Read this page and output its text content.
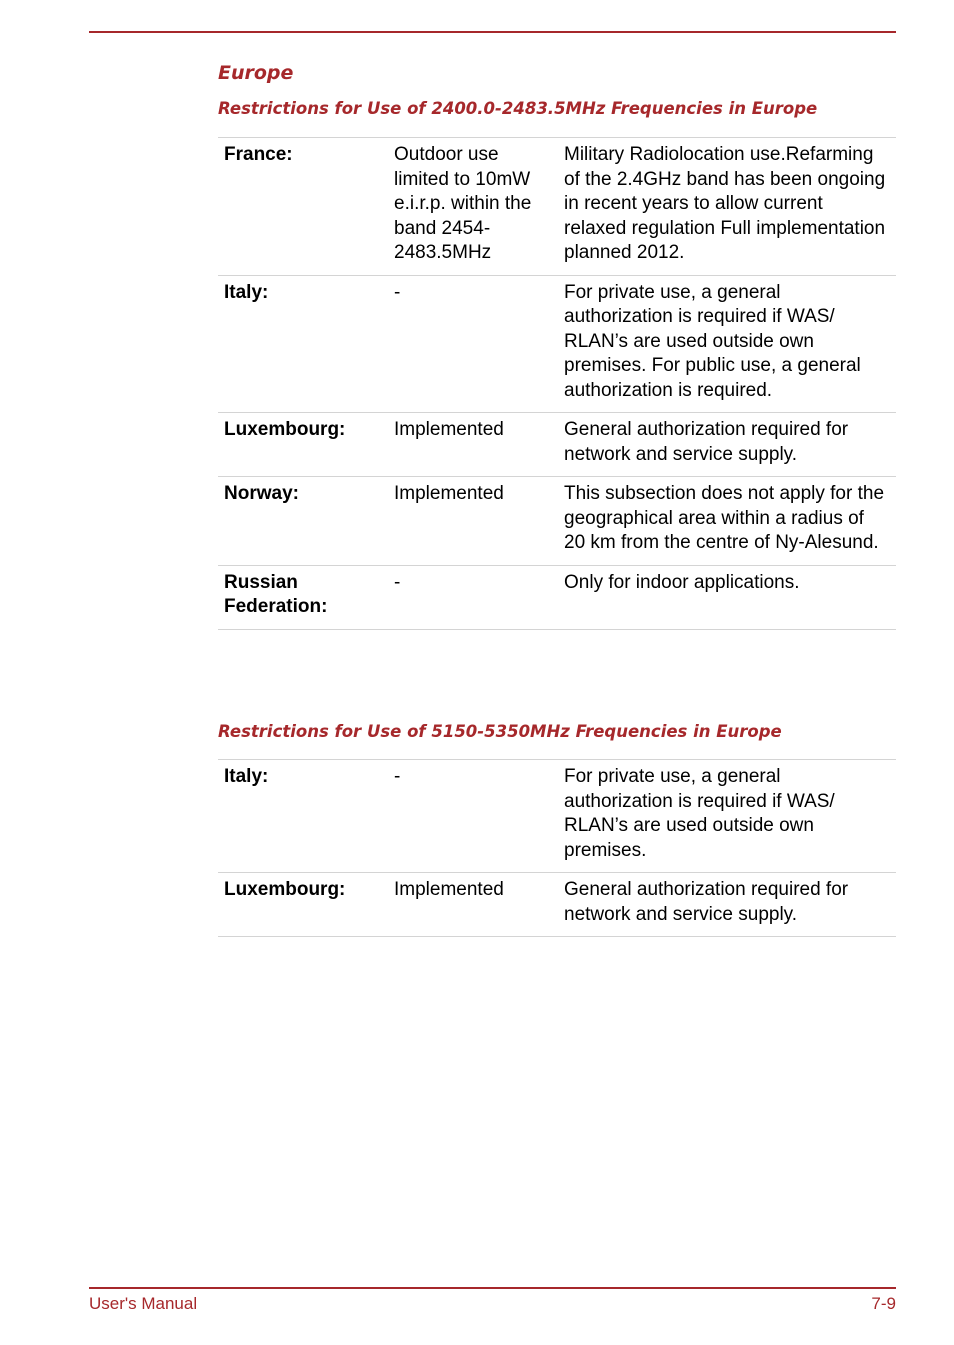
Europe
Restrictions for Use of 2400.0-2483.5MHz Frequencies in Europe
France:	Outdoor use limited to 10mW e.i.r.p. within the band 2454-2483.5MHz	Military Radiolocation use.Refarming of the 2.4GHz band has been ongoing in recent years to allow current relaxed regulation Full implementation planned 2012.
Italy:	-	For private use, a general authorization is required if WAS/ RLAN’s are used outside own premises. For public use, a general authorization is required.
Luxembourg:	Implemented	General authorization required for network and service supply.
Norway:	Implemented	This subsection does not apply for the geographical area within a radius of 20 km from the centre of Ny-Alesund.
Russian Federation:	-	Only for indoor applications.
Restrictions for Use of 5150-5350MHz Frequencies in Europe
Italy:	-	For private use, a general authorization is required if WAS/ RLAN’s are used outside own premises.
Luxembourg:	Implemented	General authorization required for network and service supply.
User's Manual	7-9
